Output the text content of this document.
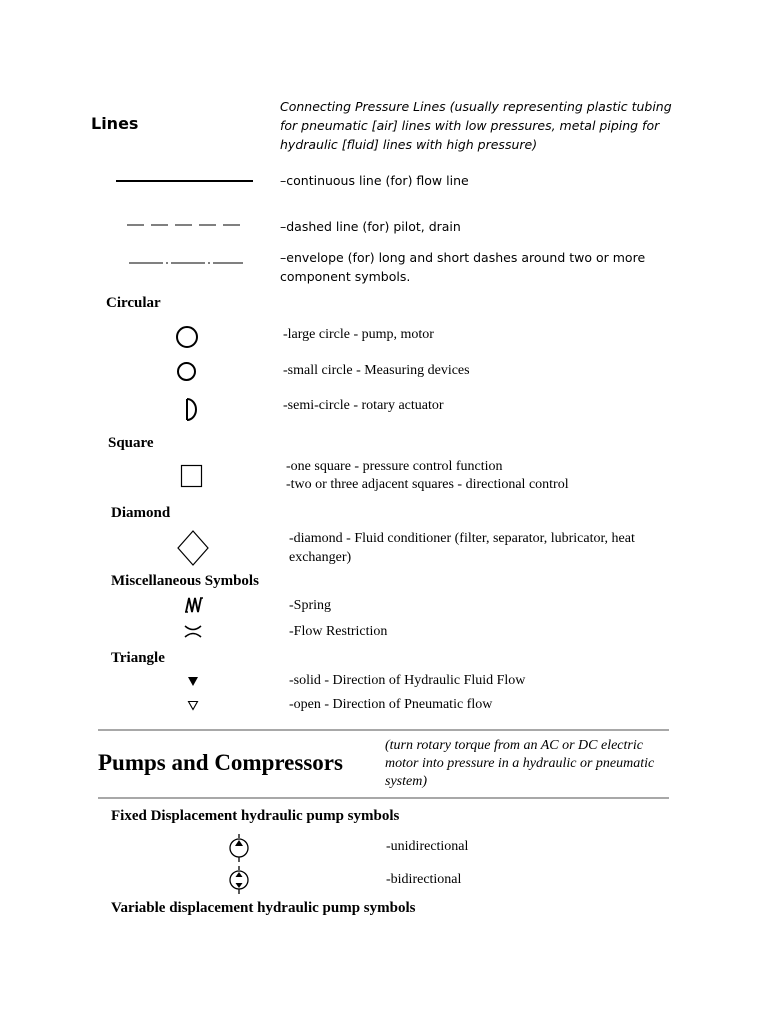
Lines
Connecting Pressure Lines (usually representing plastic tubing for pneumatic [air] lines with low pressures, metal piping for hydraulic [fluid] lines with high pressure)
–continuous line (for) flow line
–dashed line (for) pilot, drain
–envelope (for) long and short dashes around two or more component symbols.
Circular
-large circle - pump, motor
-small circle - Measuring devices
-semi-circle - rotary actuator
Square
-one square - pressure control function
-two or three adjacent squares - directional control
Diamond
-diamond - Fluid conditioner (filter, separator, lubricator, heat exchanger)
Miscellaneous Symbols
-Spring
-Flow Restriction
Triangle
-solid - Direction of Hydraulic Fluid Flow
-open - Direction of Pneumatic flow
Pumps and Compressors
(turn rotary torque from an AC or DC electric motor into pressure in a hydraulic or pneumatic system)
Fixed Displacement hydraulic pump symbols
-unidirectional
-bidirectional
Variable displacement hydraulic pump symbols
